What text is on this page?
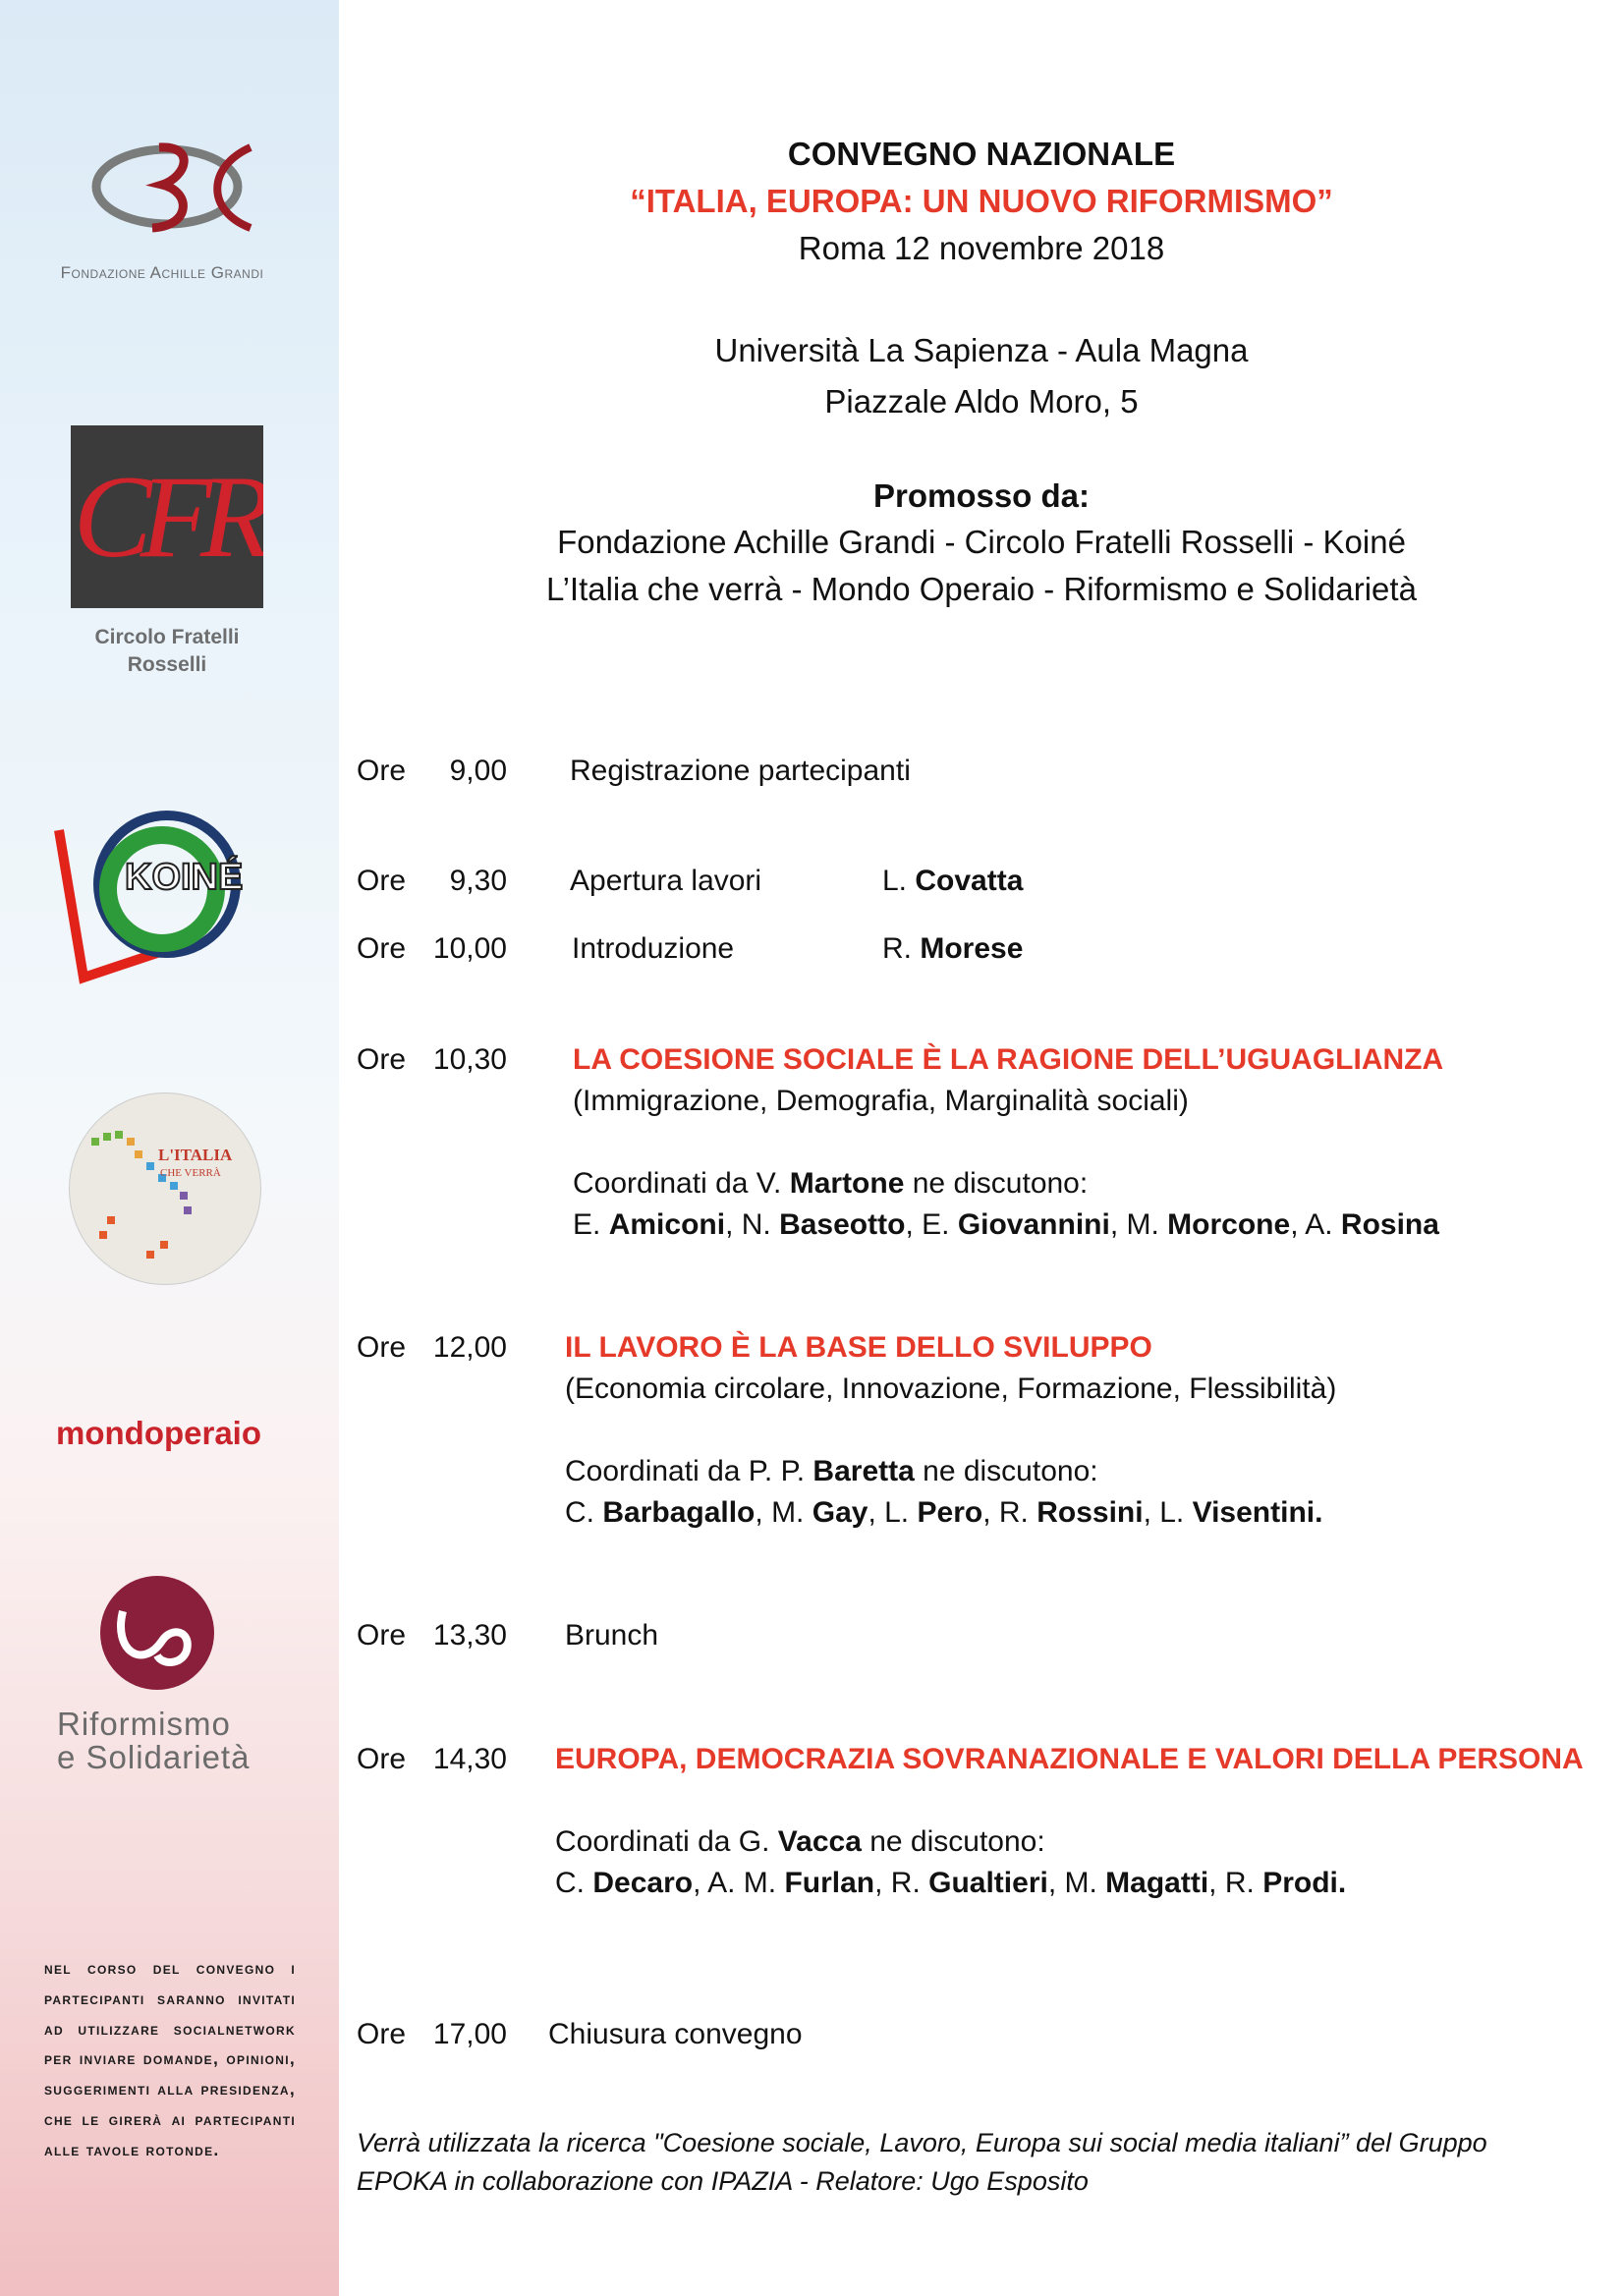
Fondazione Achille Grandi
CFR
Circolo Fratelli
Rosselli
KOINÉ
L'ITALIA
CHE VERRÀ
mondoperaio
Riformismo
e Solidarietà
nel corso del convegno i partecipanti saranno invitati ad utilizzare socialnetwork per inviare domande, opinioni, suggerimenti alla presidenza, che le girerà ai partecipanti alle tavole rotonde.
CONVEGNO NAZIONALE
“ITALIA, EUROPA: UN NUOVO RIFORMISMO”
Roma 12 novembre 2018
Università La Sapienza - Aula Magna
Piazzale Aldo Moro, 5
Promosso da:
Fondazione Achille Grandi - Circolo Fratelli Rosselli - Koiné
L’Italia che verrà - Mondo Operaio - Riformismo e Solidarietà
Ore	9,00 Registrazione partecipanti
Ore	9,30 Apertura lavori	L. Covatta
Ore 10,00 Introduzione	R. Morese
Ore 10,30 LA COESIONE SOCIALE È LA RAGIONE DELL’UGUAGLIANZA
(Immigrazione, Demografia, Marginalità sociali)
Coordinati da V. Martone ne discutono:
E. Amiconi, N. Baseotto, E. Giovannini, M. Morcone, A. Rosina
Ore 12,00 IL LAVORO È LA BASE DELLO SVILUPPO
(Economia circolare, Innovazione, Formazione, Flessibilità)
Coordinati da P. P. Baretta ne discutono:
C. Barbagallo, M. Gay, L. Pero, R. Rossini, L. Visentini.
Ore 13,30 Brunch
Ore 14,30 EUROPA, DEMOCRAZIA SOVRANAZIONALE E VALORI DELLA PERSONA
Coordinati da G. Vacca ne discutono:
C. Decaro, A. M. Furlan, R. Gualtieri, M. Magatti, R. Prodi.
Ore 17,00 Chiusura convegno
Verrà utilizzata la ricerca "Coesione sociale, Lavoro, Europa sui social media italiani” del Gruppo
EPOKA in collaborazione con IPAZIA - Relatore: Ugo Esposito
